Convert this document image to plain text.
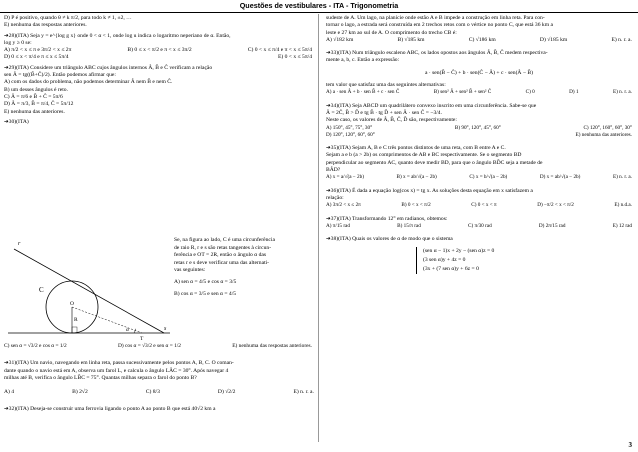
Questões de vestibulares - ITA - Trigonometria
D) P é positivo, quando θ ≠ k π/2, para todo k ≠ 1, ±2, …
E) nenhuma das respostas anteriores.
➔28)(ITA) Seja y = e^{log g x} onde 0 < α < 1, onde log u indica o logaritmo neperiano de α. Então,
log y ≥ 0 se:
A) π/2 < x ≤ π e 3π/2 < x ≤ 2π	B) 0 ≤ x < π/2 e π < x ≤ 3π/2	C) 0 < x ≤ π/4 e π < x ≤ 5π/4
D) 0 ≤ x < π/4 e π ≤ x ≤ 5π/4	E) 0 < x ≤ 5π/4
➔29)(ITA) Considere um triângulo ABC cujos ângulos internos Â, B̂ e Ĉ verificam a relação
sen Â = tg((B̂+Ĉ)/2). Então podemos afirmar que:
A) com os dados do problema, não podemos determinar Â nem B̂ e nem Ĉ.
B) um desses ângulos é reto.
C) Â = π/6 e B̂ + Ĉ = 5π/6
D) Â = π/3, B̂ = π/4, Ĉ = 5π/12
E) nenhuma das anteriores.
➔30)(ITA)
Se, na figura ao lado, C é uma circunferência
de raio R, r e s são retas tangentes à circun-
ferência e OT = 2R, então o ângulo α das
retas r e s deve verificar uma das alternati-
vas seguintes:
A) sen α = 4/5 e cos α = 3/5
B) cos α = 3/5 e sen α = 4/5
r
s
C
R
O
T
α
C) sen α = √3/2 e cos α = 1/2	D) cos α = √3/2 e sen α = 1/2	E) nenhuma das respostas anteriores.
➔31)(ITA) Um navio, navegando em linha reta, passa sucessivamente pelos pontos A, B, C. O coman-
dante quando o navio está em A, observa um farol L, e calcula o ângulo LÂC = 30°. Após navegar 4
milhas até B, verifica o ângulo LB̂C = 75°. Quantas milhas separa o farol do ponto B?
A) 4	B) 2√2	C) 8/3	D) √2/2	E) n. r. a.
➔32)(ITA) Deseja-se construir uma ferrovia ligando o ponto A ao ponto B que está 40√2 km a
sudeste de A. Um lago, na planície onde estão A e B impede a construção em linha reta. Para con-
tornar o lago, a estrada será construída em 2 trechos retos com o vértice no ponto C, que está 36 km a
leste e 27 km ao sul de A. O comprimento do trecho CB é:
A) √182 km	B) √185 km	C) √186 km	D) √185 km	E) n. r. a.
➔33)(ITA) Num triângulo escaleno ABC, os lados opostos aos ângulos Â, B̂, Ĉ medem respectiva-
mente a, b, c. Então a expressão:
a · sen(B̂ − Ĉ) + b · sen(Ĉ − Â) + c · sen(Â − B̂)
tem valor que satisfaz uma das seguintes alternativas:
A) a · sen Â + b · sen B̂ + c · sen Ĉ	B) sen² Â + sen² B̂ + sen² Ĉ	C) 0	D) 1	E) n. r. a.
➔34)(ITA) Seja ABCD um quadrilátero convexo inscrito em uma circunferência. Sabe-se que
Â = 2Ĉ, B̂ > D̂ e tg B̂ · tg D̂ + sen Â · sen Ĉ = −3/4.
Neste caso, os valores de Â, B̂, Ĉ, D̂ são, respectivamente:
A) 150°, 45°, 75°, 30°	B) 90°, 120°, 45°, 60°	C) 120°, 160°, 60°, 30°
D) 120°, 120°, 60°, 60°	E) nenhuma das anteriores.
➔35)(ITA) Sejam A, B e C três pontos distintos de uma reta, com B entre A e C.
Sejam a e b (a > 2b) os comprimentos de AB e BC respectivamente. Se o segmento BD
perpendicular ao segmento AC, quanto deve medir BD, para que o ângulo BD̂C seja a metade de
BÂD?
A) x = a/√(a − 2b)	B) x = ab/√(a − 2b)	C) x = b/√(a − 2b)	D) x = ab/√(a − 2b)	E) n. r. a.
➔36)(ITA) É dada a equação log(cos x) = tg x. As soluções desta equação em x satisfazem a
relação:
A) 3π/2 < x ≤ 2π	B) 0 < x < π/2	C) 0 < x < π	D) −π/2 < x < π/2	E) n.d.a.
➔37)(ITA) Transformando 12° em radianos, obtemos:
A) π/15 rad	B) 15/π rad	C) π/30 rad	D) 2π/15 rad	E) 12 rad
➔38)(ITA) Quais os valores de α de modo que o sistema
(sen α − 1)x + 2y − (sen α)z = 0
(3 sen α)y + 4z = 0
(3x + (7 sen α)y + 6z = 0
3
